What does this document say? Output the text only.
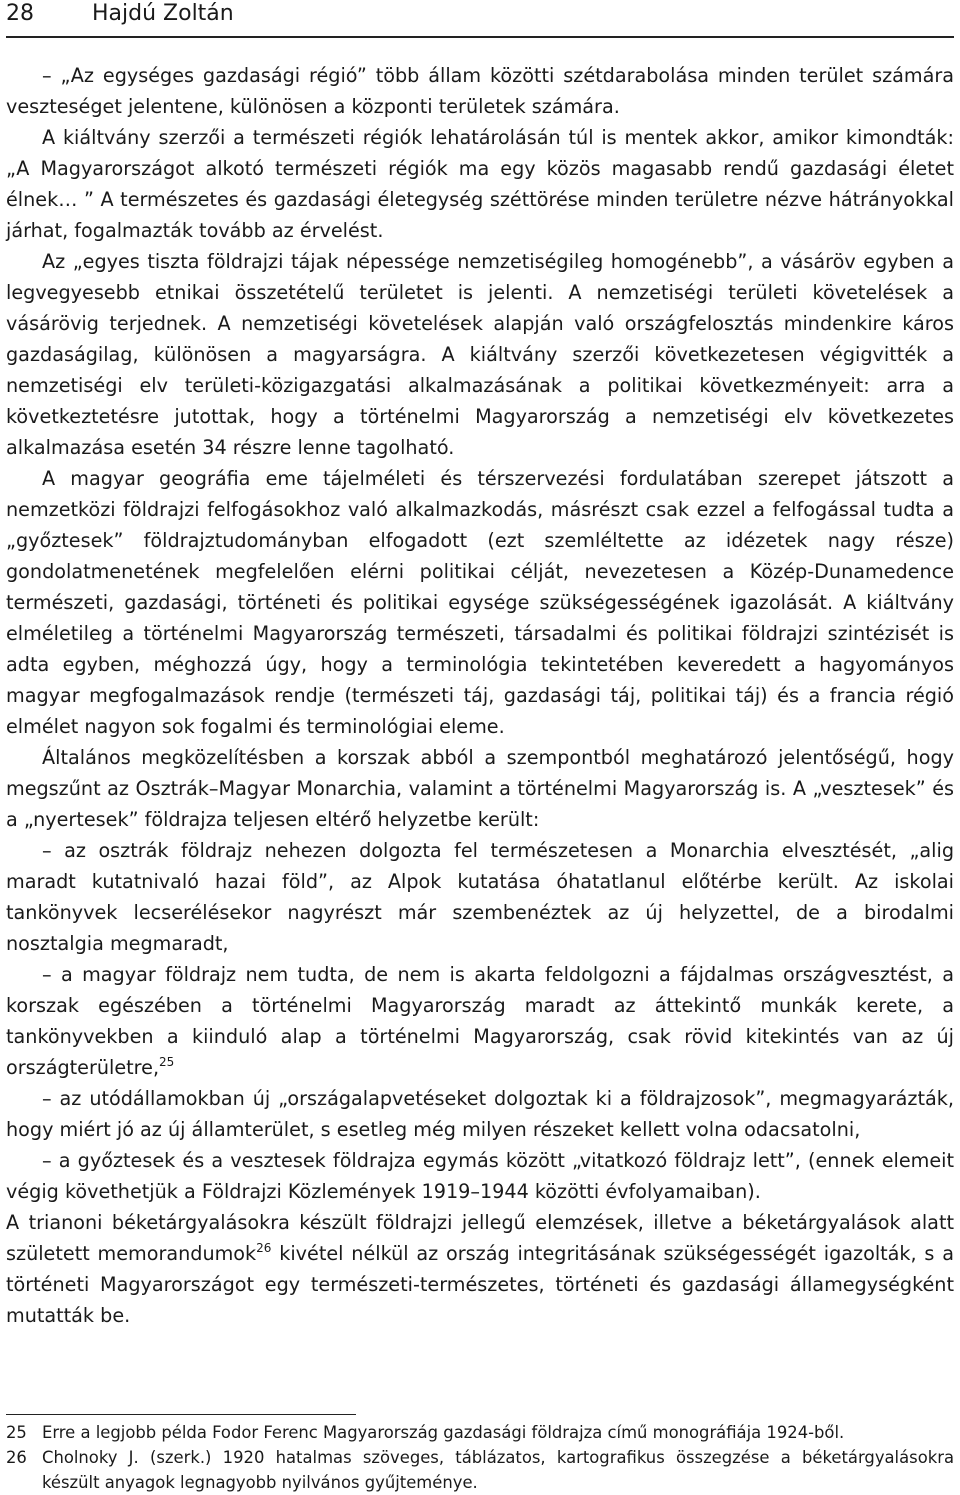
28	Hajdú Zoltán

– „Az egységes gazdasági régió” több állam közötti szétdarabolása minden terület számára veszteséget jelentene, különösen a központi területek számára.

A kiáltvány szerzői a természeti régiók lehatárolásán túl is mentek akkor, amikor kimondták: „A Magyarországot alkotó természeti régiók ma egy közös magasabb rendű gazdasági életet élnek… ” A természetes és gazdasági életegység széttörése minden területre nézve hátrányokkal járhat, fogalmazták tovább az érvelést.

Az „egyes tiszta földrajzi tájak népessége nemzetiségileg homogénebb”, a vásáröv egyben a legvegyesebb etnikai összetételű területet is jelenti. A nemzetiségi területi követelések a vásárövig terjednek. A nemzetiségi követelések alapján való országfelosztás mindenkire káros gazdaságilag, különösen a magyarságra. A kiáltvány szerzői következetesen végigvitték a nemzetiségi elv területi-közigazgatási alkalmazásának a politikai következményeit: arra a következtetésre jutottak, hogy a történelmi Magyarország a nemzetiségi elv következetes alkalmazása esetén 34 részre lenne tagolható.

A magyar geográfia eme tájelméleti és térszervezési fordulatában szerepet játszott a nemzetközi földrajzi felfogásokhoz való alkalmazkodás, másrészt csak ezzel a felfogással tudta a „győztesek” földrajztudományban elfogadott (ezt szemléltette az idézetek nagy része) gondolatmenetének megfelelően elérni politikai célját, nevezetesen a Közép-Dunamedence természeti, gazdasági, történeti és politikai egysége szükségességének igazolását. A kiáltvány elméletileg a történelmi Magyarország természeti, társadalmi és politikai földrajzi szintézisét is adta egyben, méghozzá úgy, hogy a terminológia tekintetében keveredett a hagyományos magyar megfogalmazások rendje (természeti táj, gazdasági táj, politikai táj) és a francia régió elmélet nagyon sok fogalmi és terminológiai eleme.

Általános megközelítésben a korszak abból a szempontból meghatározó jelentőségű, hogy megszűnt az Osztrák–Magyar Monarchia, valamint a történelmi Magyarország is. A „vesztesek” és a „nyertesek” földrajza teljesen eltérő helyzetbe került:

– az osztrák földrajz nehezen dolgozta fel természetesen a Monarchia elvesztését, „alig maradt kutatnivaló hazai föld”, az Alpok kutatása óhatatlanul előtérbe került. Az iskolai tankönyvek lecserélésekor nagyrészt már szembenéztek az új helyzettel, de a birodalmi nosztalgia megmaradt,

– a magyar földrajz nem tudta, de nem is akarta feldolgozni a fájdalmas országvesztést, a korszak egészében a történelmi Magyarország maradt az áttekintő munkák kerete, a tankönyvekben a kiinduló alap a történelmi Magyarország, csak rövid kitekintés van az új országterületre,$^{25}$

– az utódállamokban új „országalapvetéseket dolgoztak ki a földrajzosok”, megmagyarázták, hogy miért jó az új államterület, s esetleg még milyen részeket kellett volna odacsatolni,

– a győztesek és a vesztesek földrajza egymás között „vitatkozó földrajz lett”, (ennek elemeit végig követhetjük a Földrajzi Közlemények 1919–1944 közötti évfolyamaiban).

A trianoni béketárgyalásokra készült földrajzi jellegű elemzések, illetve a béketárgyalások alatt született memorandumok$^{26}$ kivétel nélkül az ország integritásának szükségességét igazolták, s a történeti Magyarországot egy természeti-természetes, történeti és gazdasági államegységként mutatták be.

25 Erre a legjobb példa Fodor Ferenc Magyarország gazdasági földrajza című monográfiája 1924-ből.
26 Cholnoky J. (szerk.) 1920 hatalmas szöveges, táblázatos, kartografikus összegzése a béketárgyalásokra készült anyagok legnagyobb nyilvános gyűjteménye.
